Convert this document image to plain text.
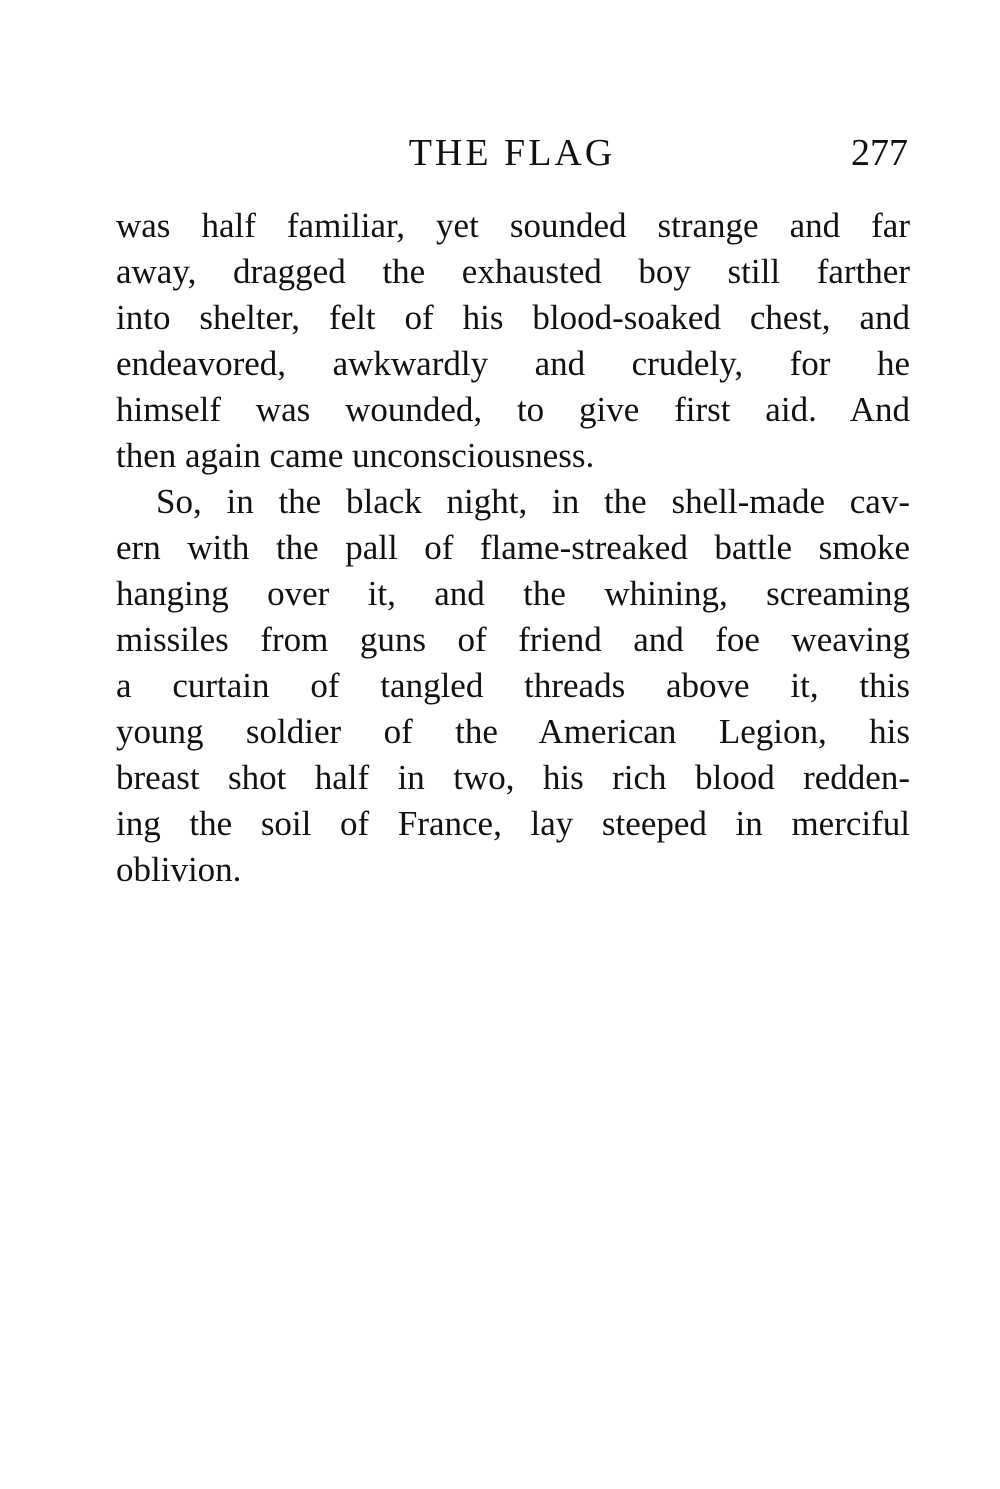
THE FLAG	277
was half familiar, yet sounded strange and far
away, dragged the exhausted boy still farther
into shelter, felt of his blood-soaked chest, and
endeavored, awkwardly and crudely, for he
himself was wounded, to give first aid. And
then again came unconsciousness.
So, in the black night, in the shell-made cav-
ern with the pall of flame-streaked battle smoke
hanging over it, and the whining, screaming
missiles from guns of friend and foe weaving
a curtain of tangled threads above it, this
young soldier of the American Legion, his
breast shot half in two, his rich blood redden-
ing the soil of France, lay steeped in merciful
oblivion.
